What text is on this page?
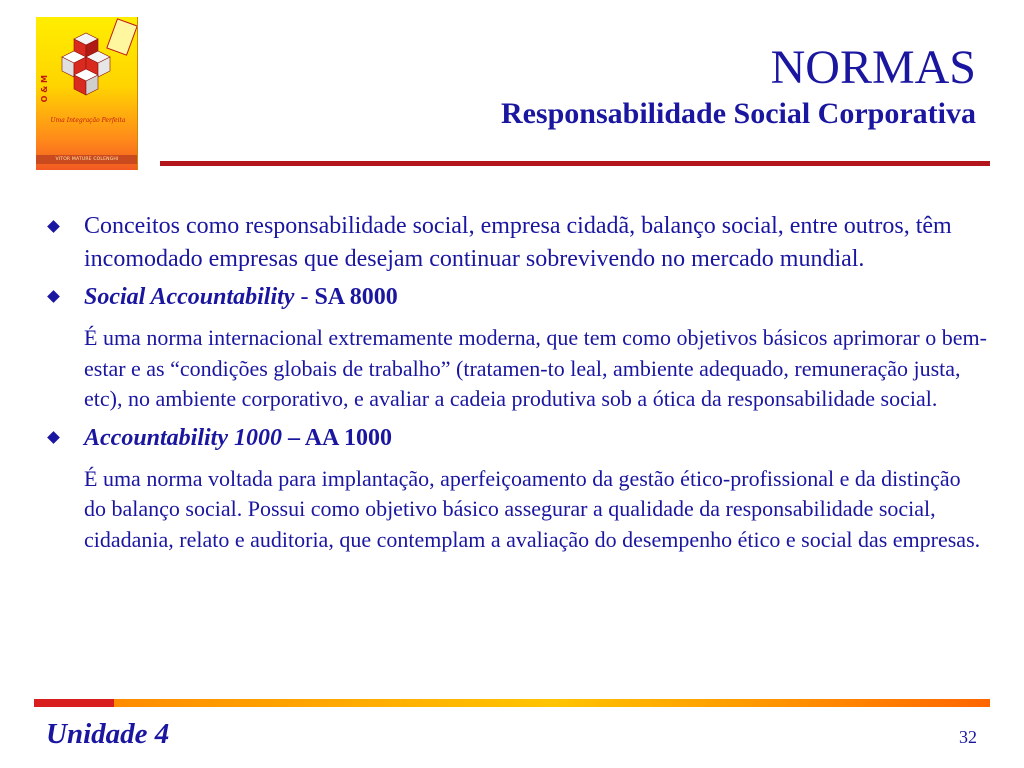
O & M
Uma Integração Perfeita
VITOR MATURE COLENGHI
NORMAS
Responsabilidade Social Corporativa
Conceitos como responsabilidade social, empresa cidadã, balanço social, entre outros, têm incomodado empresas que desejam continuar sobrevivendo no mercado mundial.
Social Accountability - SA 8000

É uma norma internacional extremamente moderna, que tem como objetivos básicos aprimorar o bem-estar e as “condições globais de trabalho” (tratamen-to leal, ambiente adequado, remuneração justa, etc), no ambiente corporativo, e avaliar a cadeia produtiva sob a ótica da responsabilidade social.

Accountability 1000 – AA 1000

É uma norma voltada para implantação, aperfeiçoamento da gestão ético-profissional e da distinção do balanço social. Possui como objetivo básico assegurar a qualidade da responsabilidade social, cidadania, relato e auditoria, que contemplam a avaliação do desempenho ético e social das empresas.

Unidade 4	32
